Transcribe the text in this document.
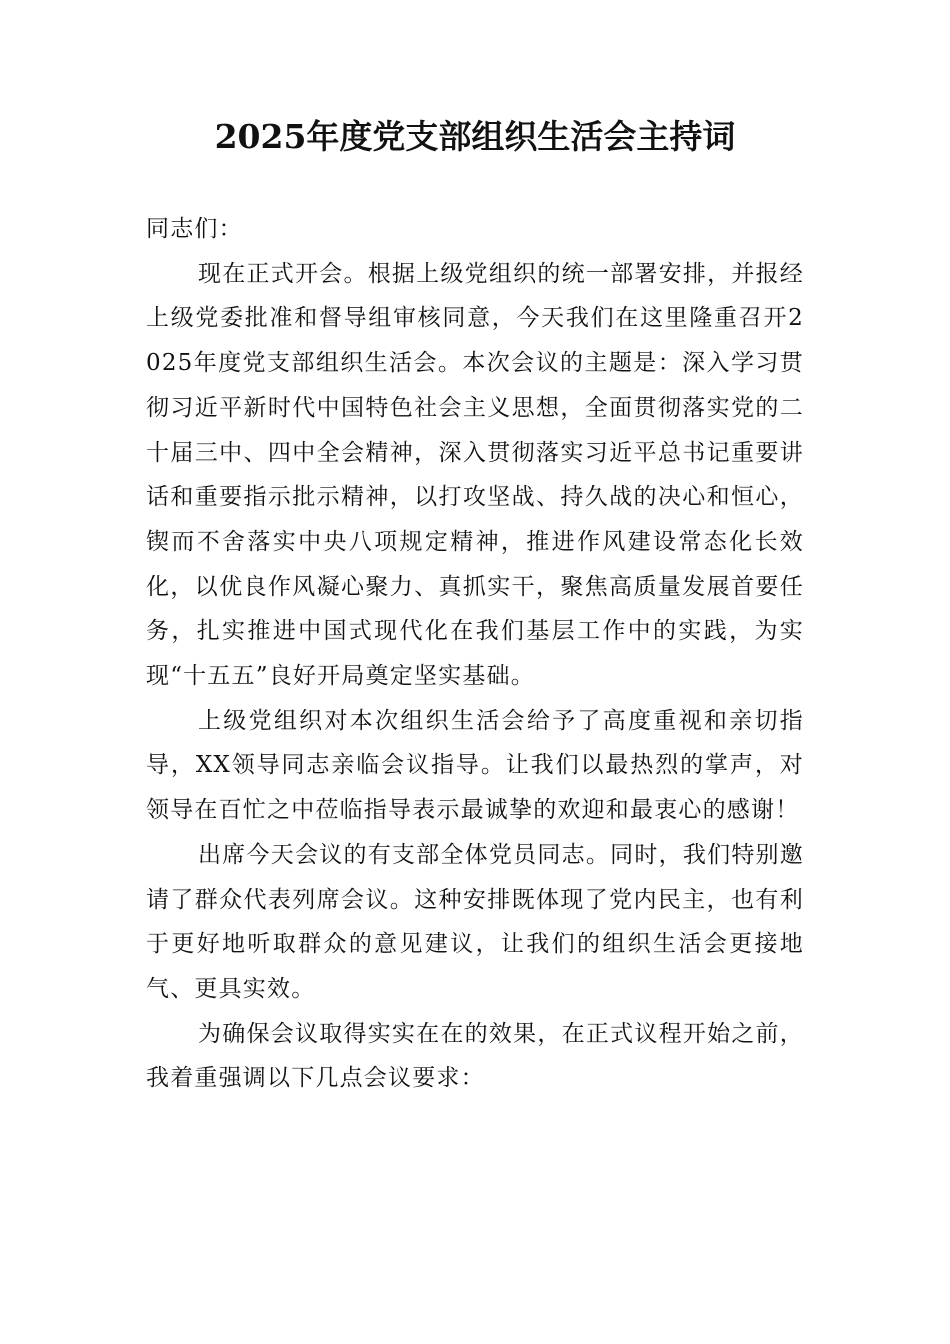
2025年度党支部组织生活会主持词

同志们：

现在正式开会。根据上级党组织的统一部署安排，并报经上级党委批准和督导组审核同意，今天我们在这里隆重召开2025年度党支部组织生活会。本次会议的主题是：深入学习贯彻习近平新时代中国特色社会主义思想，全面贯彻落实党的二十届三中、四中全会精神，深入贯彻落实习近平总书记重要讲话和重要指示批示精神，以打攻坚战、持久战的决心和恒心，锲而不舍落实中央八项规定精神，推进作风建设常态化长效化，以优良作风凝心聚力、真抓实干，聚焦高质量发展首要任务，扎实推进中国式现代化在我们基层工作中的实践，为实现“十五五”良好开局奠定坚实基础。

上级党组织对本次组织生活会给予了高度重视和亲切指导，XX领导同志亲临会议指导。让我们以最热烈的掌声，对领导在百忙之中莅临指导表示最诚挚的欢迎和最衷心的感谢！

出席今天会议的有支部全体党员同志。同时，我们特别邀请了群众代表列席会议。这种安排既体现了党内民主，也有利于更好地听取群众的意见建议，让我们的组织生活会更接地气、更具实效。

为确保会议取得实实在在的效果，在正式议程开始之前，我着重强调以下几点会议要求：
